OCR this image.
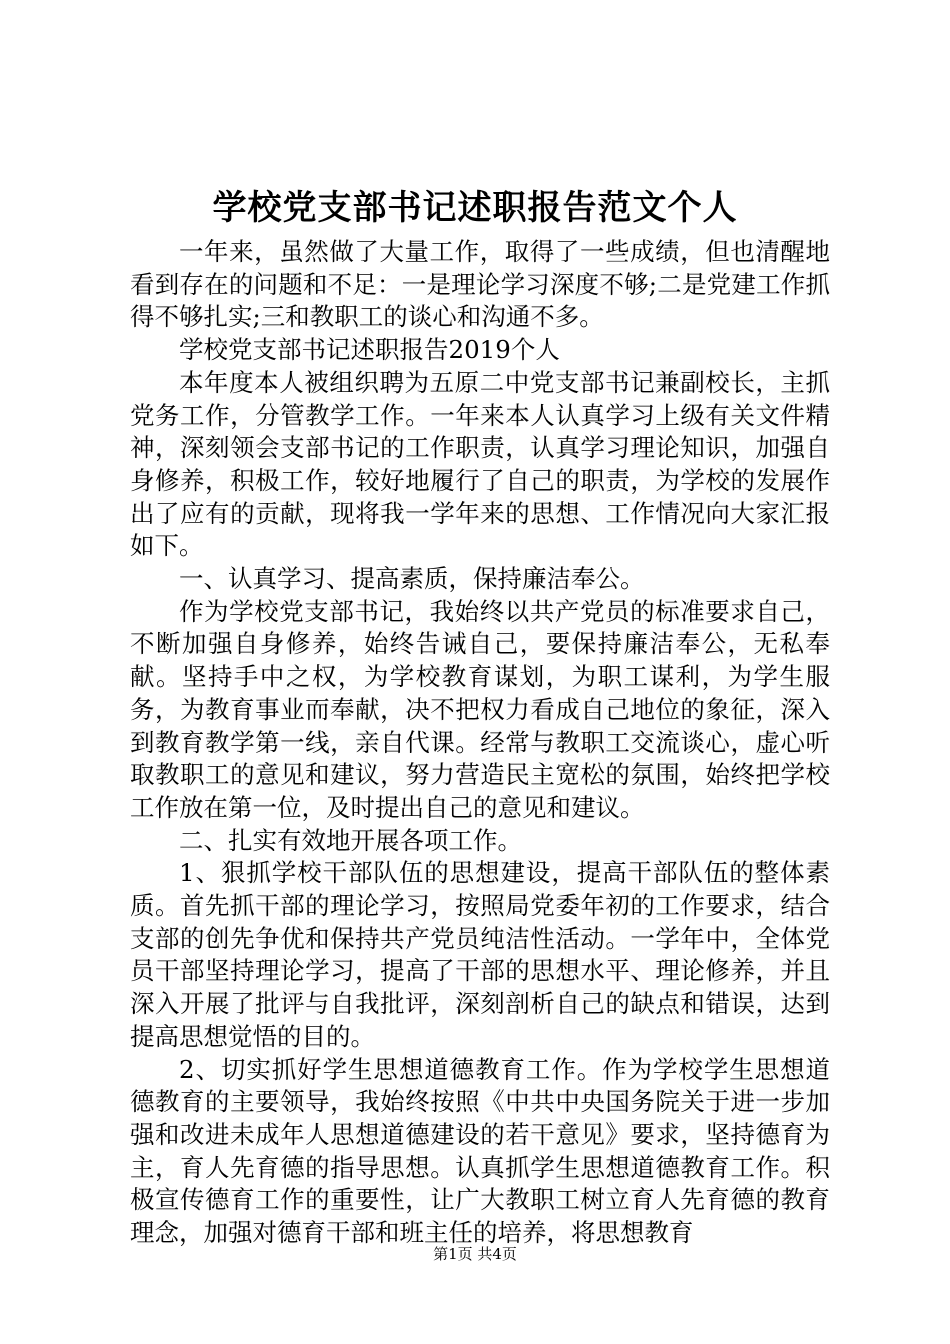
学校党支部书记述职报告范文个人

一年来，虽然做了大量工作，取得了一些成绩，但也清醒地看到存在的问题和不足：一是理论学习深度不够;二是党建工作抓得不够扎实;三和教职工的谈心和沟通不多。

学校党支部书记述职报告2019个人

本年度本人被组织聘为五原二中党支部书记兼副校长，主抓党务工作，分管教学工作。一年来本人认真学习上级有关文件精神，深刻领会支部书记的工作职责，认真学习理论知识，加强自身修养，积极工作，较好地履行了自己的职责，为学校的发展作出了应有的贡献，现将我一学年来的思想、工作情况向大家汇报如下。

一、认真学习、提高素质，保持廉洁奉公。

作为学校党支部书记，我始终以共产党员的标准要求自己，不断加强自身修养，始终告诫自己，要保持廉洁奉公，无私奉献。坚持手中之权，为学校教育谋划，为职工谋利，为学生服务，为教育事业而奉献，决不把权力看成自己地位的象征，深入到教育教学第一线，亲自代课。经常与教职工交流谈心，虚心听取教职工的意见和建议，努力营造民主宽松的氛围，始终把学校工作放在第一位，及时提出自己的意见和建议。

二、扎实有效地开展各项工作。

1、狠抓学校干部队伍的思想建设，提高干部队伍的整体素质。首先抓干部的理论学习，按照局党委年初的工作要求，结合支部的创先争优和保持共产党员纯洁性活动。一学年中，全体党员干部坚持理论学习，提高了干部的思想水平、理论修养，并且深入开展了批评与自我批评，深刻剖析自己的缺点和错误，达到提高思想觉悟的目的。

2、切实抓好学生思想道德教育工作。作为学校学生思想道德教育的主要领导，我始终按照《中共中央国务院关于进一步加强和改进未成年人思想道德建设的若干意见》要求，坚持德育为主，育人先育德的指导思想。认真抓学生思想道德教育工作。积极宣传德育工作的重要性，让广大教职工树立育人先育德的教育理念，加强对德育干部和班主任的培养，将思想教育

第1页 共4页
